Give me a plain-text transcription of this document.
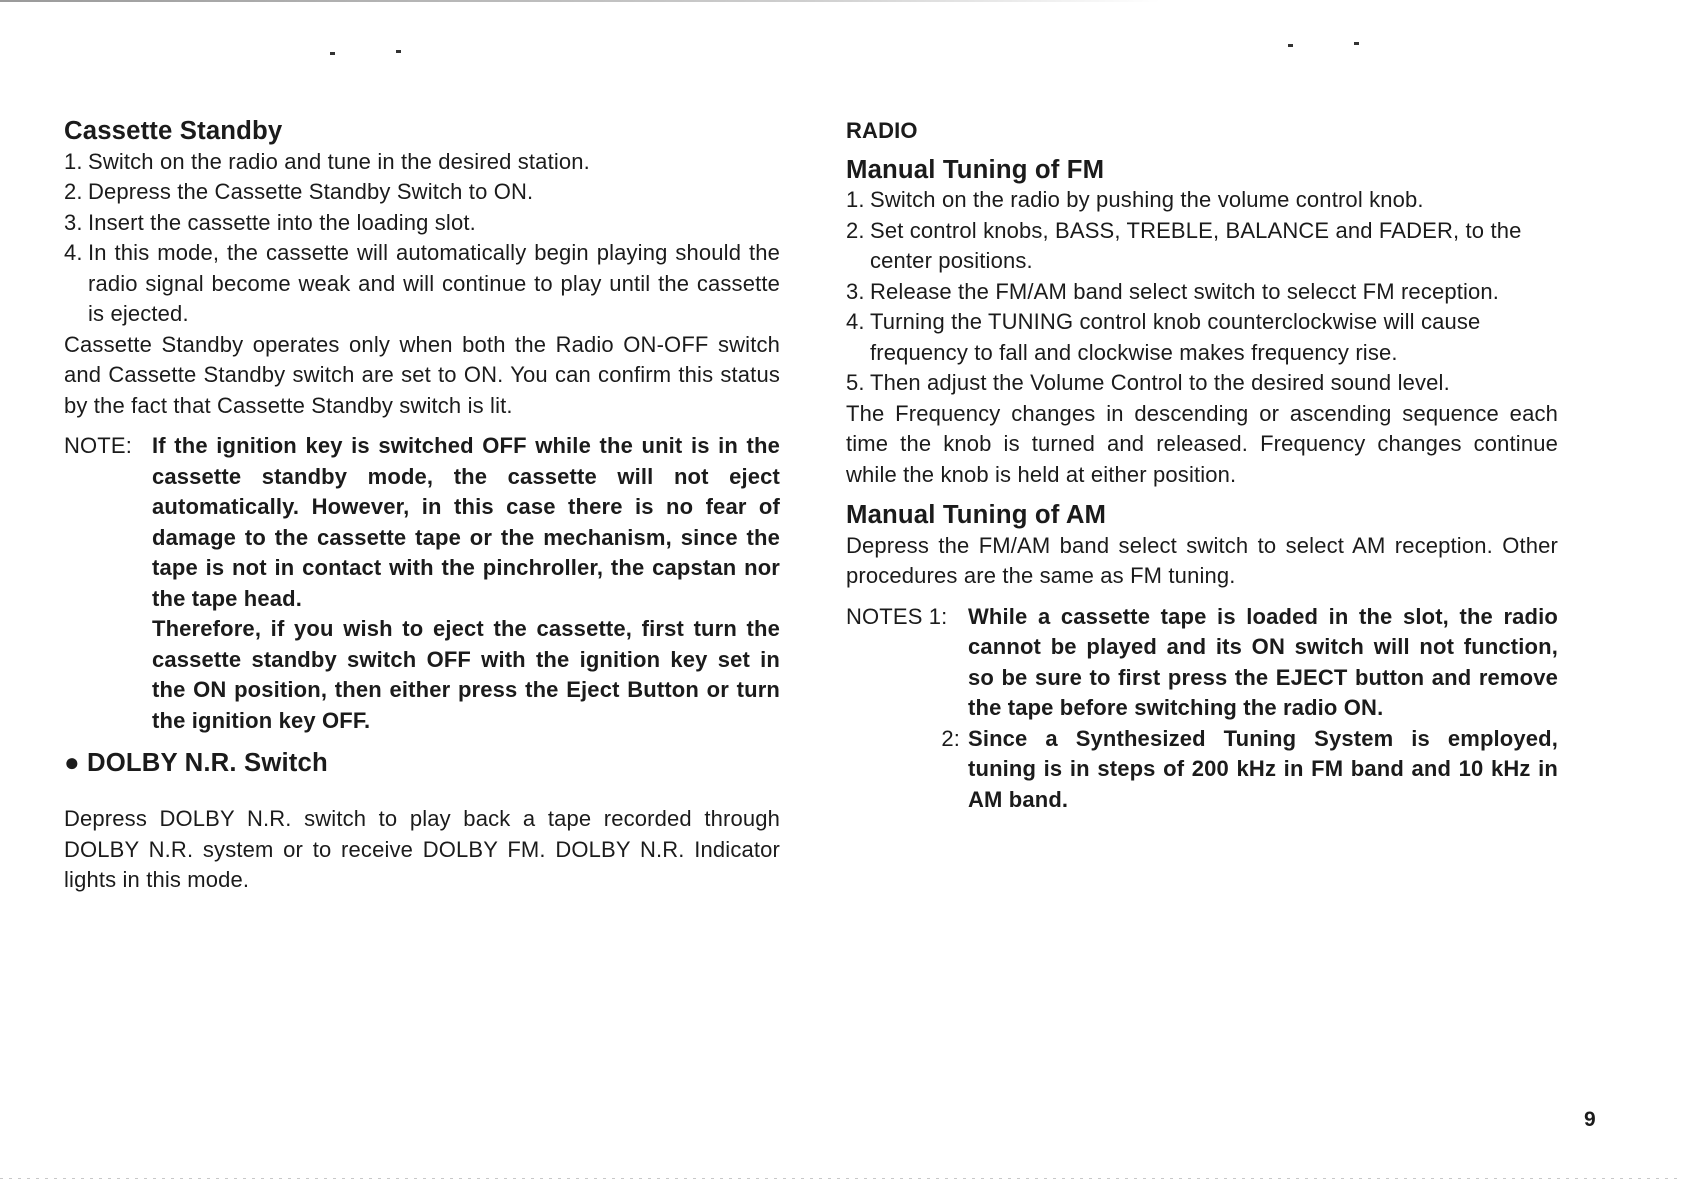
Cassette Standby
1. Switch on the radio and tune in the desired station.
2. Depress the Cassette Standby Switch to ON.
3. Insert the cassette into the loading slot.
4. In this mode, the cassette will automatically begin playing should the radio signal become weak and will continue to play until the cassette is ejected.

Cassette Standby operates only when both the Radio ON-OFF switch and Cassette Standby switch are set to ON. You can confirm this status by the fact that Cassette Standby switch is lit.

NOTE: If the ignition key is switched OFF while the unit is in the cassette standby mode, the cassette will not eject automatically. However, in this case there is no fear of damage to the cassette tape or the mechanism, since the tape is not in contact with the pinchroller, the capstan nor the tape head.

Therefore, if you wish to eject the cassette, first turn the cassette standby switch OFF with the ignition key set in the ON position, then either press the Eject Button or turn the ignition key OFF.

● DOLBY N.R. Switch

Depress DOLBY N.R. switch to play back a tape recorded through DOLBY N.R. system or to receive DOLBY FM. DOLBY N.R. Indicator lights in this mode.

RADIO
Manual Tuning of FM
1. Switch on the radio by pushing the volume control knob.
2. Set control knobs, BASS, TREBLE, BALANCE and FADER, to the center positions.
3. Release the FM/AM band select switch to selecct FM reception.
4. Turning the TUNING control knob counterclockwise will cause frequency to fall and clockwise makes frequency rise.
5. Then adjust the Volume Control to the desired sound level.

The Frequency changes in descending or ascending sequence each time the knob is turned and released. Frequency changes continue while the knob is held at either position.

Manual Tuning of AM

Depress the FM/AM band select switch to select AM reception. Other procedures are the same as FM tuning.

NOTES 1: While a cassette tape is loaded in the slot, the radio cannot be played and its ON switch will not function, so be sure to first press the EJECT button and remove the tape before switching the radio ON.
2: Since a Synthesized Tuning System is employed, tuning is in steps of 200 kHz in FM band and 10 kHz in AM band.
9
